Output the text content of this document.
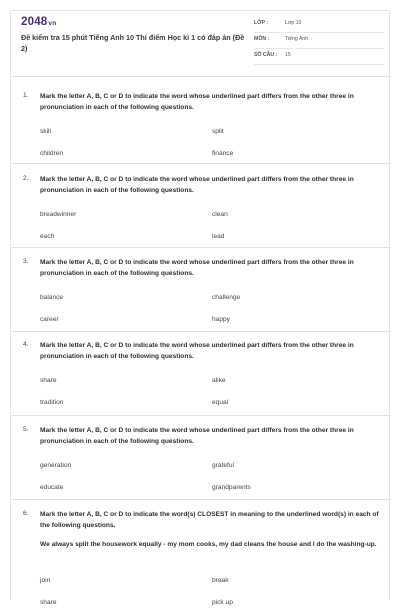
2048vn
Đề kiểm tra 15 phút Tiếng Anh 10 Thí điểm Học kì 1 có đáp án (Đề 2)
LỚP :	Lớp 10
MÔN :	Tiếng Anh
SỐ CÂU : 15
1. Mark the letter A, B, C or D to indicate the word whose underlined part differs from the other three in pronunciation in each of the following questions.
skill	split
children	finance
2. Mark the letter A, B, C or D to indicate the word whose underlined part differs from the other three in pronunciation in each of the following questions.
breadwinner	clean
each	lead
3. Mark the letter A, B, C or D to indicate the word whose underlined part differs from the other three in pronunciation in each of the following questions.
balance	challenge
career	happy
4. Mark the letter A, B, C or D to indicate the word whose underlined part differs from the other three in pronunciation in each of the following questions.
share	alike
tradition	equal
5. Mark the letter A, B, C or D to indicate the word whose underlined part differs from the other three in pronunciation in each of the following questions.
generation	grateful
educate	grandparents
6. Mark the letter A, B, C or D to indicate the word(s) CLOSEST in meaning to the underlined word(s) in each of the following questions.
We always split the housework equally - my mom cooks, my dad cleans the house and I do the washing-up.
join	break
share	pick up
